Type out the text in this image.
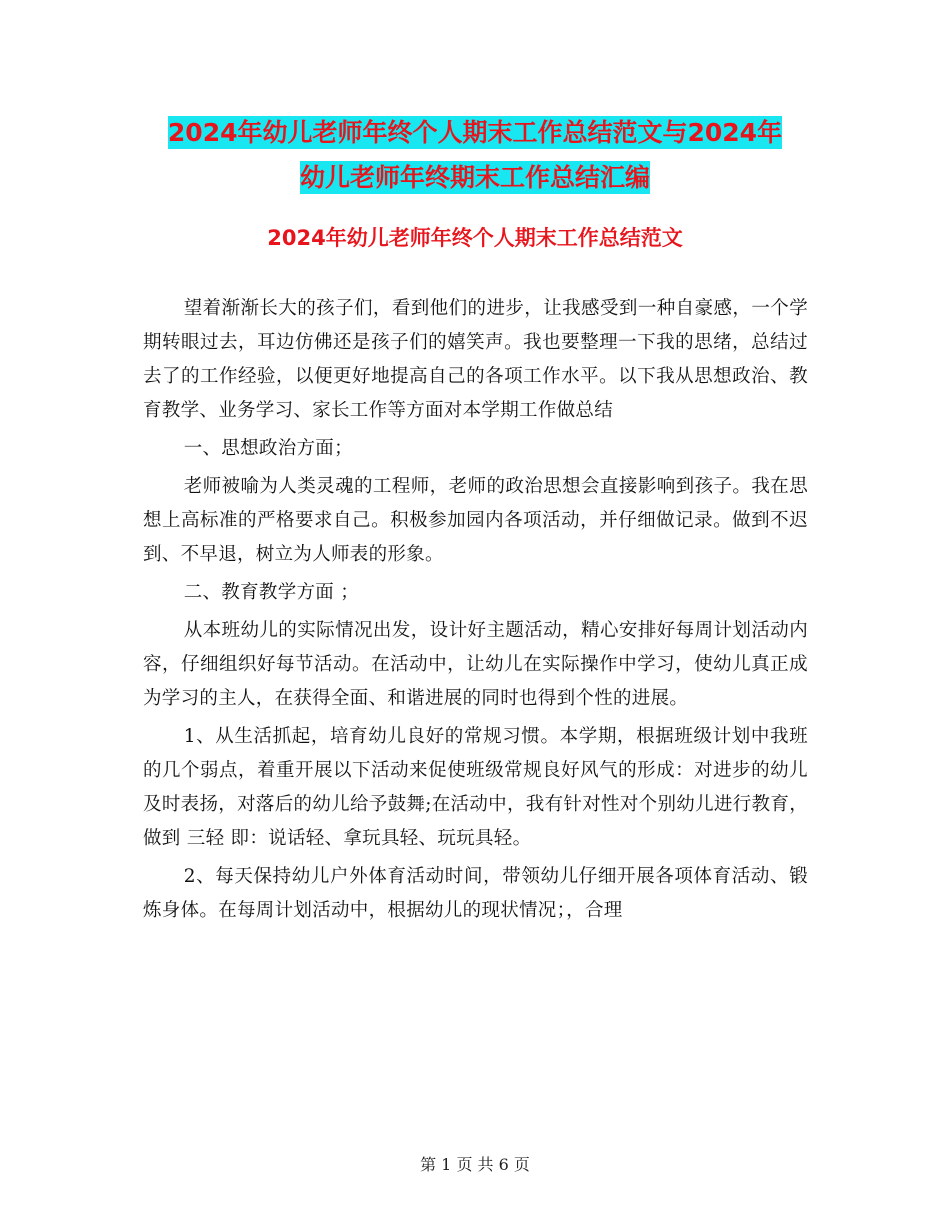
2024年幼儿老师年终个人期末工作总结范文与2024年
幼儿老师年终期末工作总结汇编
2024年幼儿老师年终个人期末工作总结范文

望着渐渐长大的孩子们，看到他们的进步，让我感受到一种自豪感，一个学期转眼过去，耳边仿佛还是孩子们的嬉笑声。我也要整理一下我的思绪，总结过去了的工作经验，以便更好地提高自己的各项工作水平。以下我从思想政治、教育教学、业务学习、家长工作等方面对本学期工作做总结

一、思想政治方面；

老师被喻为人类灵魂的工程师，老师的政治思想会直接影响到孩子。我在思想上高标准的严格要求自己。积极参加园内各项活动，并仔细做记录。做到不迟到、不早退，树立为人师表的形象。

二、教育教学方面 ；

从本班幼儿的实际情况出发，设计好主题活动，精心安排好每周计划活动内容，仔细组织好每节活动。在活动中，让幼儿在实际操作中学习，使幼儿真正成为学习的主人，在获得全面、和谐进展的同时也得到个性的进展。

1、从生活抓起，培育幼儿良好的常规习惯。本学期，根据班级计划中我班的几个弱点，着重开展以下活动来促使班级常规良好风气的形成：对进步的幼儿及时表扬，对落后的幼儿给予鼓舞;在活动中，我有针对性对个别幼儿进行教育，做到 三轻 即：说话轻、拿玩具轻、玩玩具轻。

2、每天保持幼儿户外体育活动时间，带领幼儿仔细开展各项体育活动、锻炼身体。在每周计划活动中，根据幼儿的现状情况；，合理

第 1 页 共 6 页
